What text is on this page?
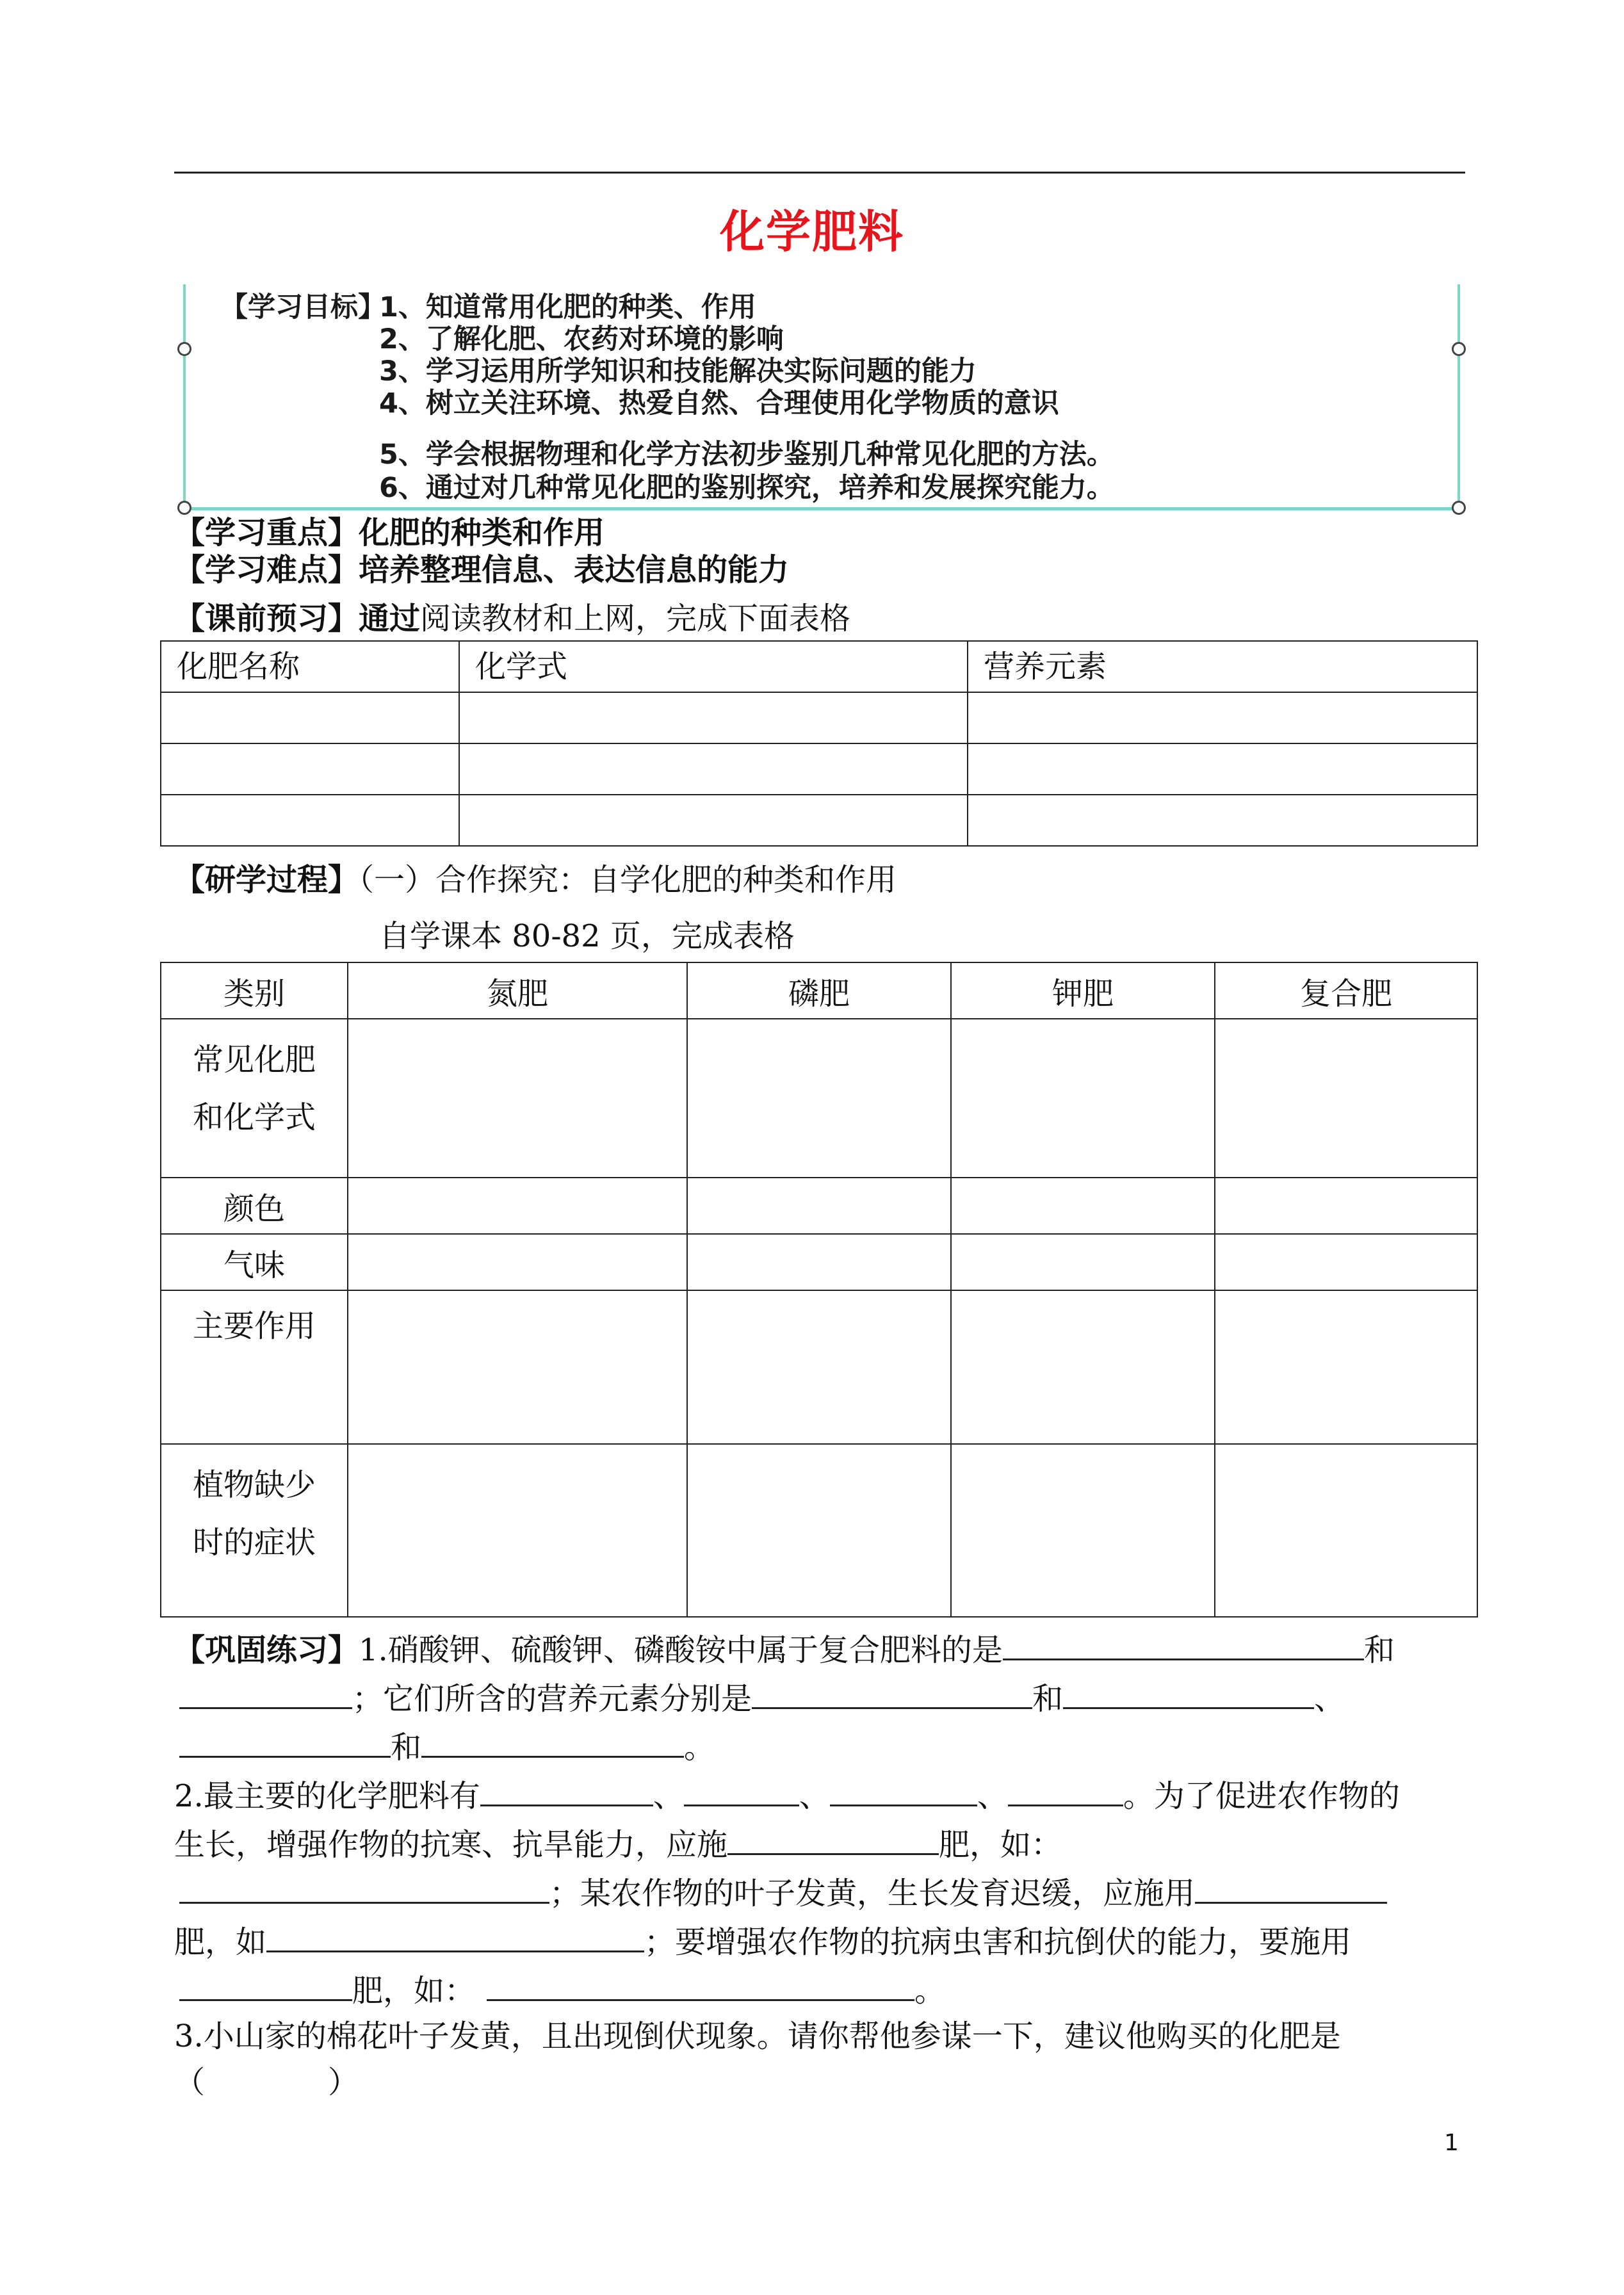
化学肥料
【学习目标】
1、知道常用化肥的种类、作用
2、了解化肥、农药对环境的影响
3、学习运用所学知识和技能解决实际问题的能力
4、树立关注环境、热爱自然、合理使用化学物质的意识
5、学会根据物理和化学方法初步鉴别几种常见化肥的方法。
6、通过对几种常见化肥的鉴别探究，培养和发展探究能力。
【学习重点】化肥的种类和作用
【学习难点】培养整理信息、表达信息的能力
【课前预习】通过阅读教材和上网，完成下面表格
化肥名称	化学式	营养元素

【研学过程】（一）合作探究：自学化肥的种类和作用
自学课本 80-82 页，完成表格
类别	氮肥	磷肥	钾肥	复合肥

常见化肥
和化学式				

颜色				
气味				
主要作用				

植物缺少
时的症状				

【巩固练习】1.硝酸钾、硫酸钾、磷酸铵中属于复合肥料的是	和
；它们所含的营养元素分别是	和	、
和	。
2.最主要的化学肥料有	、	、	、	。为了促进农作物的
生长，增强作物的抗寒、抗旱能力，应施	肥，如：
；某农作物的叶子发黄，生长发育迟缓，应施用
肥，如	；要增强农作物的抗病虫害和抗倒伏的能力，要施用
肥，如：	。
3.小山家的棉花叶子发黄，且出现倒伏现象。请你帮他参谋一下，建议他购买的化肥是
（　　　　）
1
